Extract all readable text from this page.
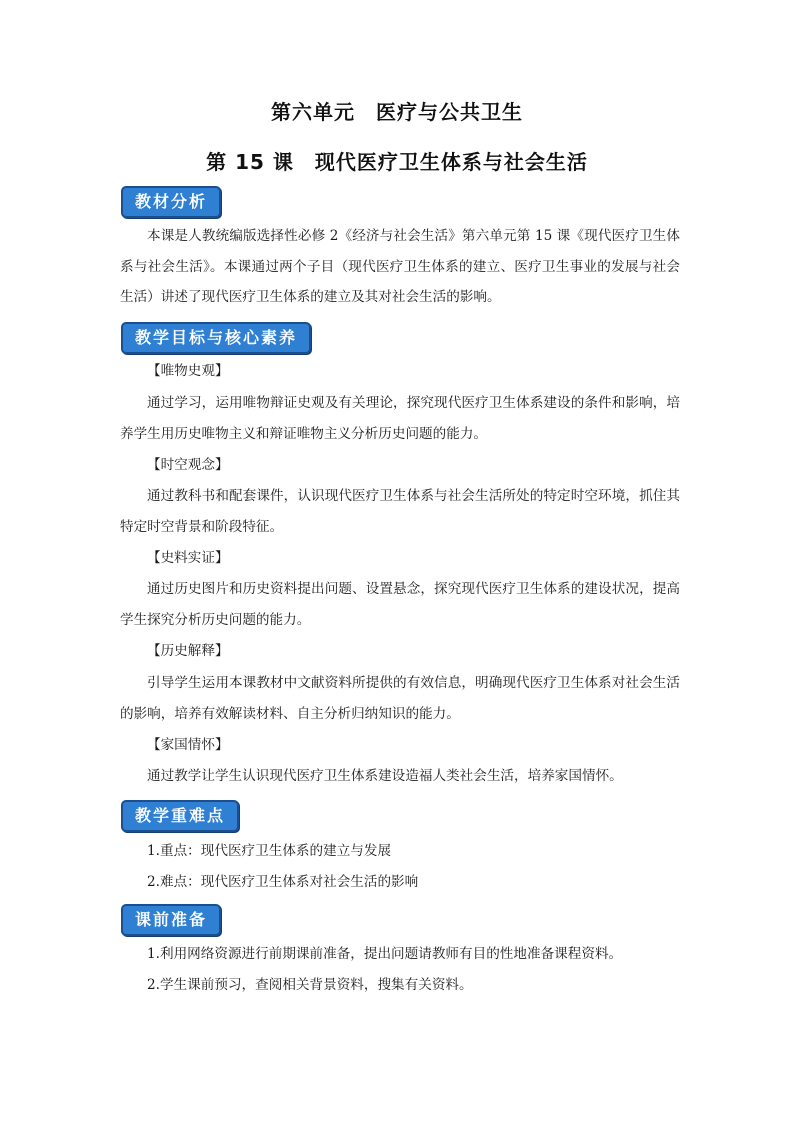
第六单元　医疗与公共卫生
第 15 课　现代医疗卫生体系与社会生活
教材分析

本课是人教统编版选择性必修 2《经济与社会生活》第六单元第 15 课《现代医疗卫生体系与社会生活》。本课通过两个子目（现代医疗卫生体系的建立、医疗卫生事业的发展与社会生活）讲述了现代医疗卫生体系的建立及其对社会生活的影响。

教学目标与核心素养
【唯物史观】

通过学习，运用唯物辩证史观及有关理论，探究现代医疗卫生体系建设的条件和影响，培养学生用历史唯物主义和辩证唯物主义分析历史问题的能力。

【时空观念】

通过教科书和配套课件，认识现代医疗卫生体系与社会生活所处的特定时空环境，抓住其特定时空背景和阶段特征。

【史料实证】

通过历史图片和历史资料提出问题、设置悬念，探究现代医疗卫生体系的建设状况，提高学生探究分析历史问题的能力。

【历史解释】

引导学生运用本课教材中文献资料所提供的有效信息，明确现代医疗卫生体系对社会生活的影响，培养有效解读材料、自主分析归纳知识的能力。

【家国情怀】

通过教学让学生认识现代医疗卫生体系建设造福人类社会生活，培养家国情怀。

教学重难点
1.重点：现代医疗卫生体系的建立与发展
2.难点：现代医疗卫生体系对社会生活的影响
课前准备
1.利用网络资源进行前期课前准备，提出问题请教师有目的性地准备课程资料。
2.学生课前预习，查阅相关背景资料，搜集有关资料。
